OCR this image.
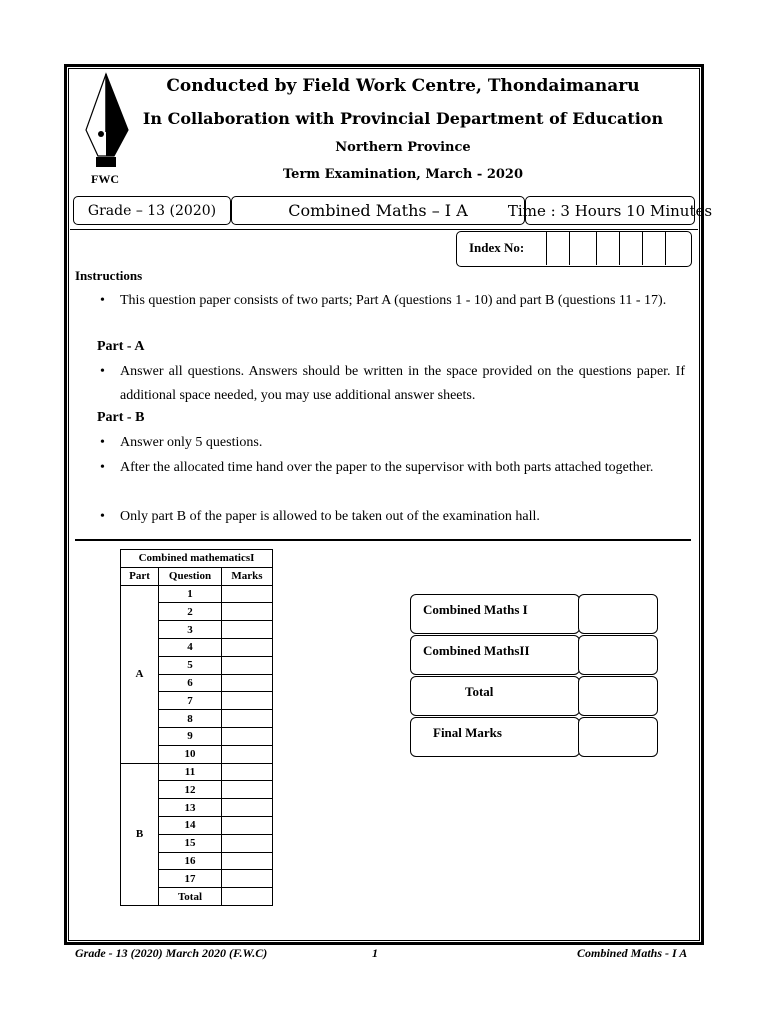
FWC
Conducted by Field Work Centre, Thondaimanaru
In Collaboration with Provincial Department of Education
Northern Province
Term Examination, March - 2020
Grade – 13 (2020)	Combined Maths – I A	Time : 3 Hours 10 Minutes
Index No:
Instructions
• This question paper consists of two parts; Part A (questions 1 - 10) and part B (questions 11 - 17).
Part - A
• Answer all questions. Answers should be written in the space provided on the questions paper. If additional space needed, you may use additional answer sheets.
Part - B
• Answer only 5 questions.
• After the allocated time hand over the paper to the supervisor with both parts attached together.
• Only part B of the paper is allowed to be taken out of the examination hall.
Combined mathematicsI		
Part	Question	Marks
A	1	
	2	
	3	
	4	
	5	
	6	
	7	
	8	
	9	
	10	
B	11	
	12	
	13	
	14	
	15	
	16	
	17	
	Total	
Combined Maths I
Combined MathsII
Total
Final Marks
Grade - 13 (2020) March 2020 (F.W.C)	1	Combined Maths - I A
